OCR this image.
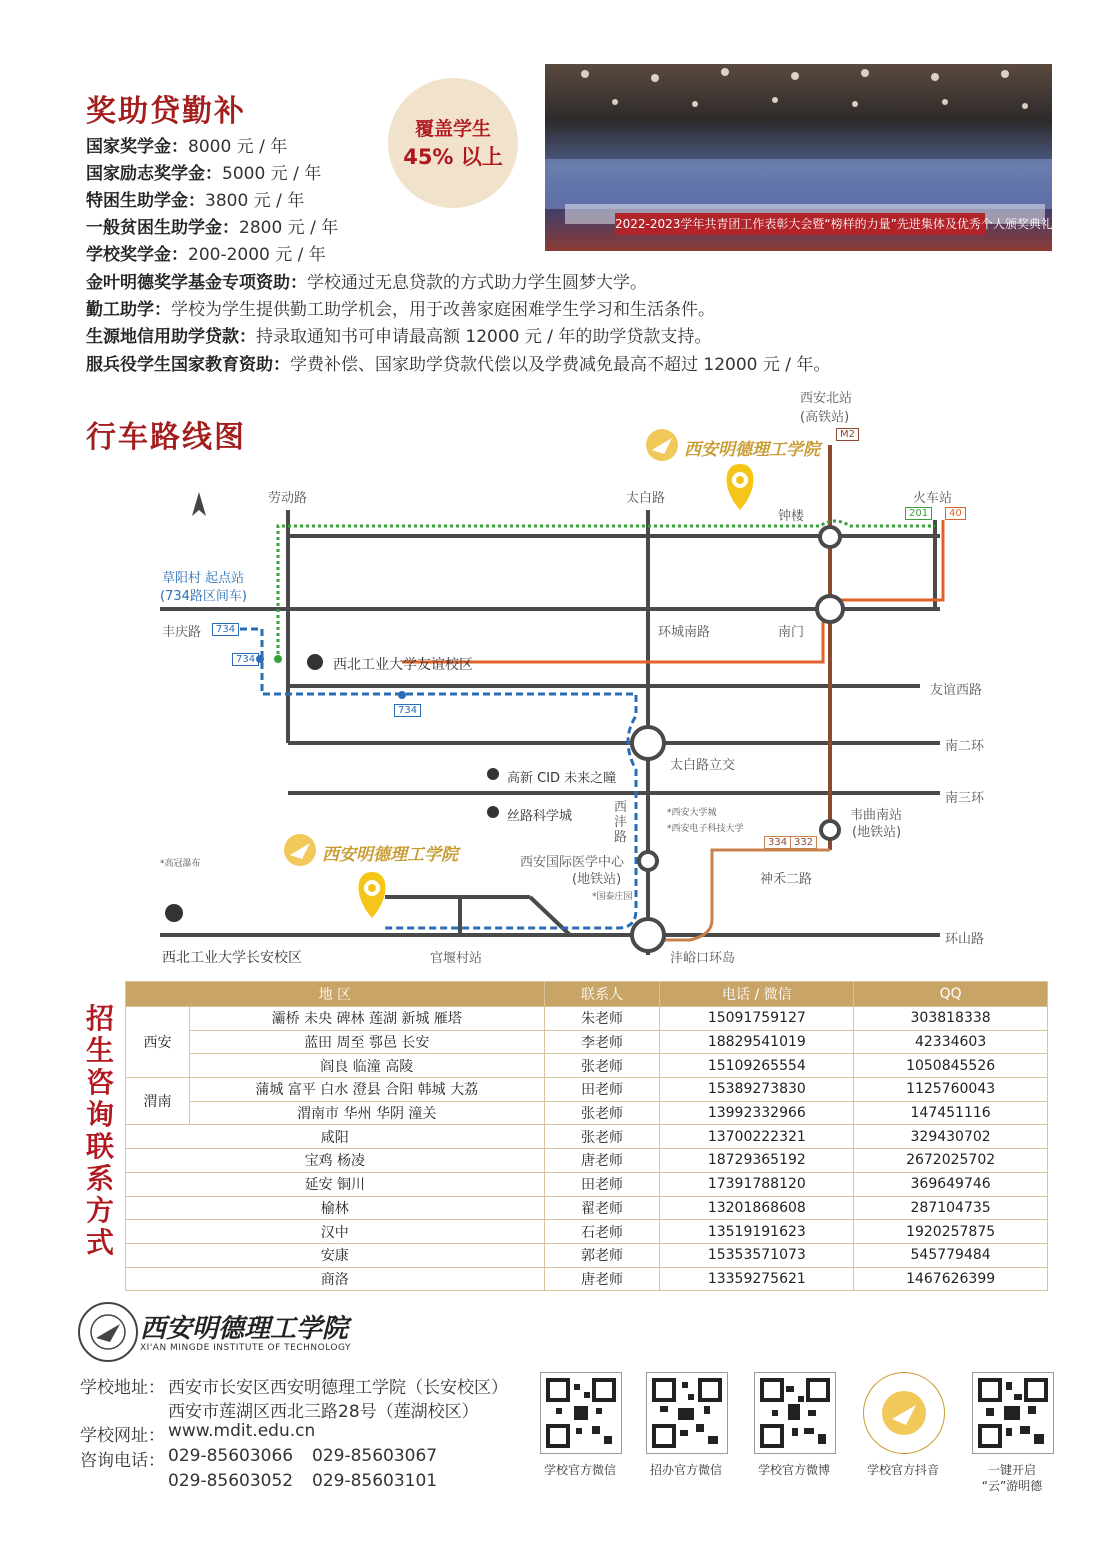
奖助贷勤补	覆盖学生
45% 以上
2022-2023学年共青团工作表彰大会暨“榜样的力量”先进集体及优秀个人颁奖典礼
国家奖学金：8000 元 / 年
国家励志奖学金：5000 元 / 年
特困生助学金：3800 元 / 年
一般贫困生助学金：2800 元 / 年
学校奖学金：200-2000 元 / 年
金叶明德奖学基金专项资助：学校通过无息贷款的方式助力学生圆梦大学。
勤工助学：学校为学生提供勤工助学机会，用于改善家庭困难学生学习和生活条件。
生源地信用助学贷款：持录取通知书可申请最高额 12000 元 / 年的助学贷款支持。
服兵役学生国家教育资助：学费补偿、国家助学贷款代偿以及学费减免最高不超过 12000 元 / 年。
行车路线图	西安明德理工学院
西安明德理工学院
西安北站
(高铁站)
M2
劳动路	太白路	火车站
201	40
钟楼
草阳村 起点站
(734路区间车)
丰庆路	734
734
734
环城南路	南门
西北工业大学友谊校区
友谊西路
南二环
太白路立交
高新 CID 未来之瞳
丝路科学城
西沣路
南三环
*西安大学城
*西安电子科技大学
韦曲南站
(地铁站)
334 332
西安国际医学中心
(地铁站)
*国泰庄园
*高冠瀑布
神禾二路
西北工业大学长安校区	官堰村站	沣峪口环岛
环山路
招生咨询联系方式
地 区		联系人	电话 / 微信	QQ
西安	灞桥 未央 碑林 莲湖 新城 雁塔	朱老师	15091759127	303818338
	蓝田 周至 鄠邑 长安	李老师	18829541019	42334603
	阎良 临潼 高陵	张老师	15109265554	1050845526
渭南	蒲城 富平 白水 澄县 合阳 韩城 大荔	田老师	15389273830	1125760043
	渭南市 华州 华阴 潼关	张老师	13992332966	147451116
咸阳		张老师	13700222321	329430702
宝鸡 杨凌		唐老师	18729365192	2672025702
延安 铜川		田老师	17391788120	369649746
榆林		翟老师	13201868608	287104735
汉中		石老师	13519191623	1920257875
安康		郭老师	15353571073	545779484
商洛		唐老师	13359275621	1467626399
西安明德理工学院
XI'AN MINGDE INSTITUTE OF TECHNOLOGY
学校地址： 西安市长安区西安明德理工学院（长安校区）
西安市莲湖区西北三路28号（莲湖校区）
学校网址： www.mdit.edu.cn
咨询电话： 029-85603066 029-85603067
029-85603052 029-85603101
学校官方微信	招办官方微信	学校官方微博	学校官方抖音	一键开启
“云”游明德
